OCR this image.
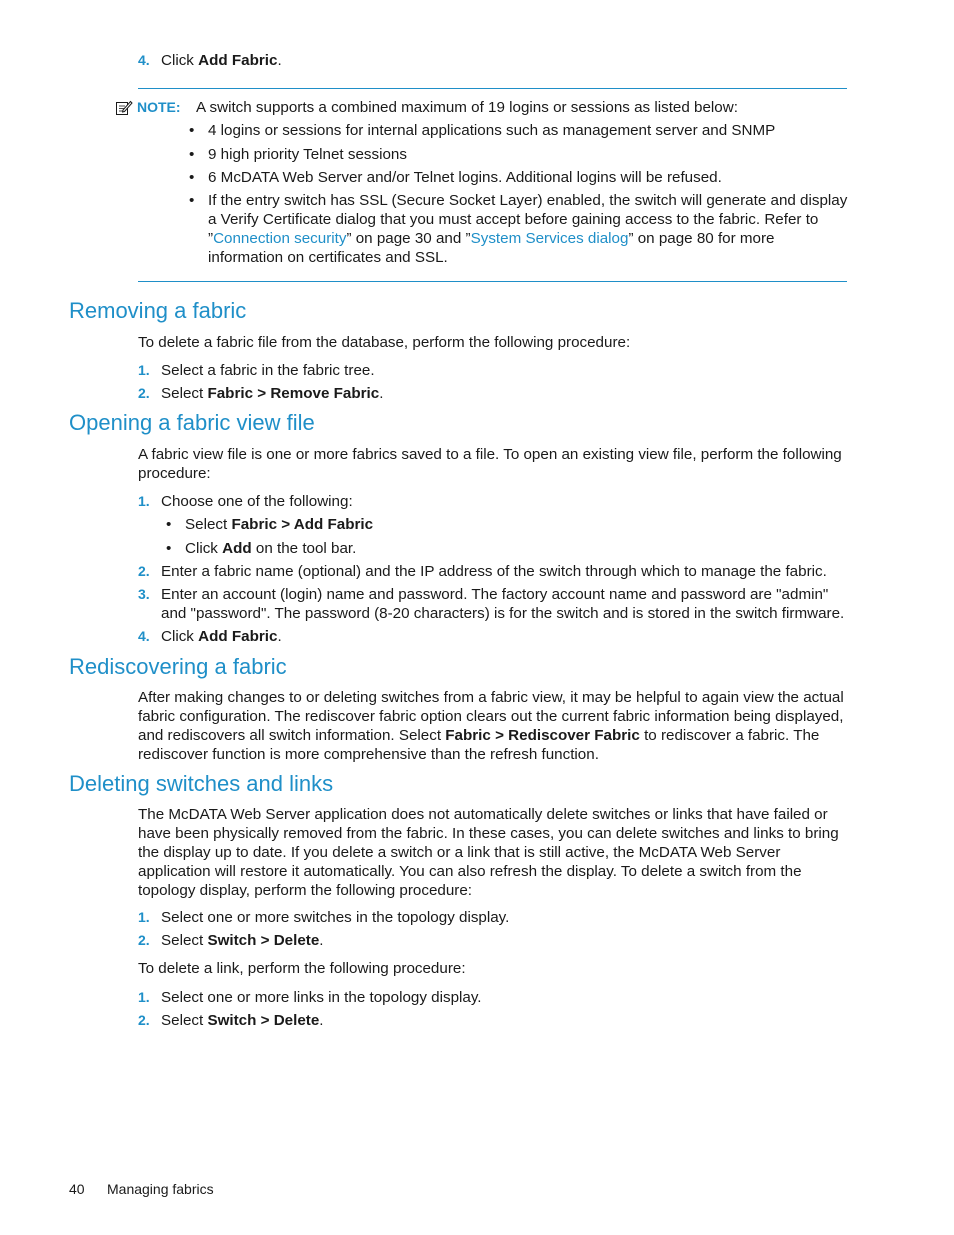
4. Click Add Fabric.
NOTE: A switch supports a combined maximum of 19 logins or sessions as listed below:
• 4 logins or sessions for internal applications such as management server and SNMP
• 9 high priority Telnet sessions
• 6 McDATA Web Server and/or Telnet logins. Additional logins will be refused.
• If the entry switch has SSL (Secure Socket Layer) enabled, the switch will generate and display a Verify Certificate dialog that you must accept before gaining access to the fabric. Refer to ”Connection security” on page 30 and ”System Services dialog” on page 80 for more information on certificates and SSL.
Removing a fabric
To delete a fabric file from the database, perform the following procedure:
1. Select a fabric in the fabric tree.
2. Select Fabric > Remove Fabric.
Opening a fabric view file
A fabric view file is one or more fabrics saved to a file. To open an existing view file, perform the following procedure:
1. Choose one of the following:
• Select Fabric > Add Fabric
• Click Add on the tool bar.
2. Enter a fabric name (optional) and the IP address of the switch through which to manage the fabric.
3. Enter an account (login) name and password. The factory account name and password are "admin" and "password". The password (8-20 characters) is for the switch and is stored in the switch firmware.
4. Click Add Fabric.
Rediscovering a fabric
After making changes to or deleting switches from a fabric view, it may be helpful to again view the actual fabric configuration. The rediscover fabric option clears out the current fabric information being displayed, and rediscovers all switch information. Select Fabric > Rediscover Fabric to rediscover a fabric. The rediscover function is more comprehensive than the refresh function.
Deleting switches and links
The McDATA Web Server application does not automatically delete switches or links that have failed or have been physically removed from the fabric. In these cases, you can delete switches and links to bring the display up to date. If you delete a switch or a link that is still active, the McDATA Web Server application will restore it automatically. You can also refresh the display. To delete a switch from the topology display, perform the following procedure:
1. Select one or more switches in the topology display.
2. Select Switch > Delete.
To delete a link, perform the following procedure:
1. Select one or more links in the topology display.
2. Select Switch > Delete.
40 Managing fabrics
